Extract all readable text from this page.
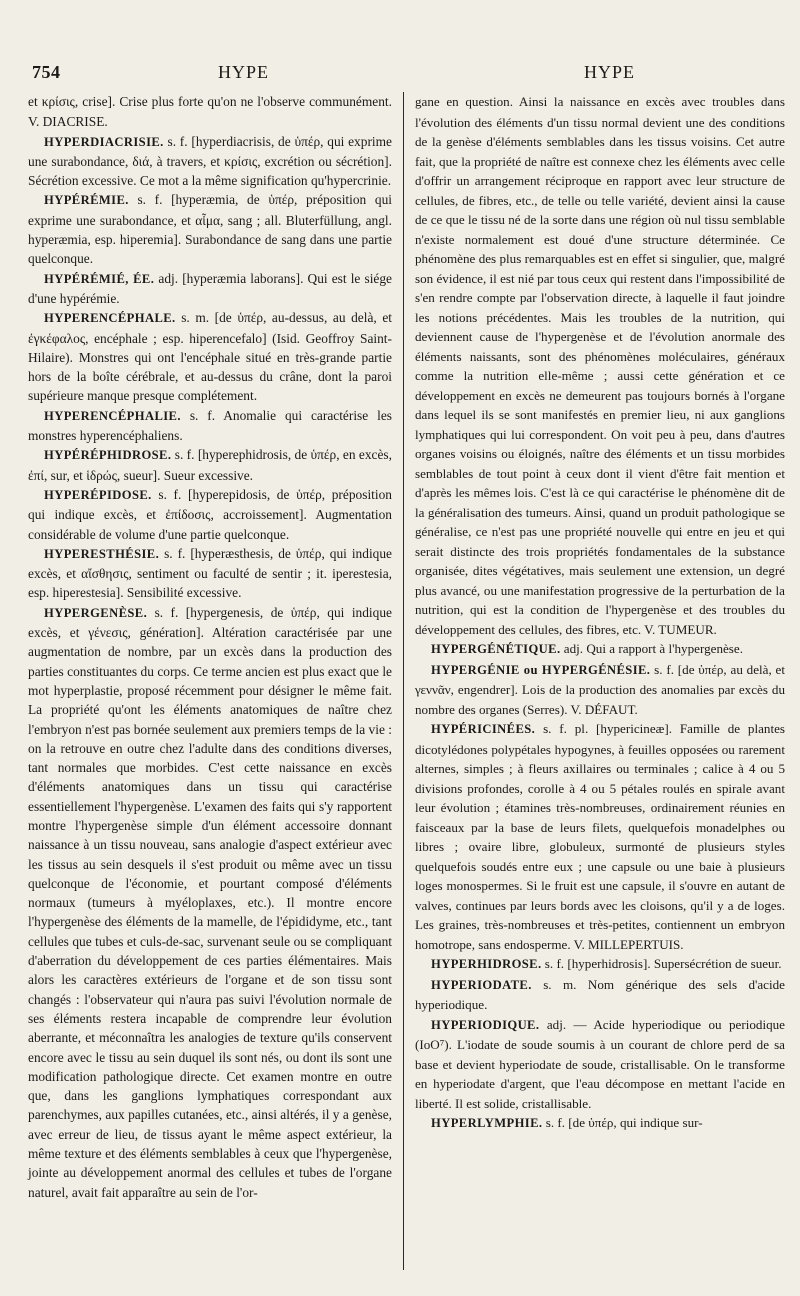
754	HYPE	HYPE

et κρίσις, crise]. Crise plus forte qu'on ne l'observe communément. V. DIACRISE.

HYPERDIACRISIE. s. f. [hyperdiacrisis, de ὑπέρ, qui exprime une surabondance, διά, à travers, et κρίσις, excrétion ou sécrétion]. Sécrétion excessive. Ce mot a la même signification qu'hypercrinie.

HYPÉRÉMIE. s. f. [hyperæmia, de ὑπέρ, préposition qui exprime une surabondance, et αἷμα, sang ; all. Bluterfüllung, angl. hyperæmia, esp. hiperemia]. Surabondance de sang dans une partie quelconque.

HYPÉRÉMIÉ, ÉE. adj. [hyperæmia laborans]. Qui est le siége d'une hypérémie.

HYPERENCÉPHALE. s. m. [de ὑπέρ, au-dessus, au delà, et ἐγκέφαλος, encéphale ; esp. hiperencefalo] (Isid. Geoffroy Saint-Hilaire). Monstres qui ont l'encéphale situé en très-grande partie hors de la boîte cérébrale, et au-dessus du crâne, dont la paroi supérieure manque presque complétement.

HYPERENCÉPHALIE. s. f. Anomalie qui caractérise les monstres hyperencéphaliens.

HYPÉRÉPHIDROSE. s. f. [hyperephidrosis, de ὑπέρ, en excès, ἐπί, sur, et ἱδρώς, sueur]. Sueur excessive.

HYPERÉPIDOSE. s. f. [hyperepidosis, de ὑπέρ, préposition qui indique excès, et ἐπίδοσις, accroissement]. Augmentation considérable de volume d'une partie quelconque.

HYPERESTHÉSIE. s. f. [hyperæsthesis, de ὑπέρ, qui indique excès, et αἴσθησις, sentiment ou faculté de sentir ; it. iperestesia, esp. hiperestesia]. Sensibilité excessive.

HYPERGENÈSE. s. f. [hypergenesis, de ὑπέρ, qui indique excès, et γένεσις, génération]. Altération caractérisée par une augmentation de nombre, par un excès dans la production des parties constituantes du corps. Ce terme ancien est plus exact que le mot hyperplastie, proposé récemment pour désigner le même fait. La propriété qu'ont les éléments anatomiques de naître chez l'embryon n'est pas bornée seulement aux premiers temps de la vie : on la retrouve en outre chez l'adulte dans des conditions diverses, tant normales que morbides. C'est cette naissance en excès d'éléments anatomiques dans un tissu qui caractérise essentiellement l'hypergenèse. L'examen des faits qui s'y rapportent montre l'hypergenèse simple d'un élément accessoire donnant naissance à un tissu nouveau, sans analogie d'aspect extérieur avec les tissus au sein desquels il s'est produit ou même avec un tissu quelconque de l'économie, et pourtant composé d'éléments normaux (tumeurs à myéloplaxes, etc.). Il montre encore l'hypergenèse des éléments de la mamelle, de l'épididyme, etc., tant cellules que tubes et culs-de-sac, survenant seule ou se compliquant d'aberration du développement de ces parties élémentaires. Mais alors les caractères extérieurs de l'organe et de son tissu sont changés : l'observateur qui n'aura pas suivi l'évolution normale de ses éléments restera incapable de comprendre leur évolution aberrante, et méconnaîtra les analogies de texture qu'ils conservent encore avec le tissu au sein duquel ils sont nés, ou dont ils sont une modification pathologique directe. Cet examen montre en outre que, dans les ganglions lymphatiques correspondant aux parenchymes, aux papilles cutanées, etc., ainsi altérés, il y a genèse, avec erreur de lieu, de tissus ayant le même aspect extérieur, la même texture et des éléments semblables à ceux que l'hypergenèse, jointe au développement anormal des cellules et tubes de l'organe naturel, avait fait apparaître au sein de l'or-

gane en question. Ainsi la naissance en excès avec troubles dans l'évolution des éléments d'un tissu normal devient une des conditions de la genèse d'éléments semblables dans les tissus voisins. Cet autre fait, que la propriété de naître est connexe chez les éléments avec celle d'offrir un arrangement réciproque en rapport avec leur structure de cellules, de fibres, etc., de telle ou telle variété, devient ainsi la cause de ce que le tissu né de la sorte dans une région où nul tissu semblable n'existe normalement est doué d'une structure déterminée. Ce phénomène des plus remarquables est en effet si singulier, que, malgré son évidence, il est nié par tous ceux qui restent dans l'impossibilité de s'en rendre compte par l'observation directe, à laquelle il faut joindre les notions précédentes. Mais les troubles de la nutrition, qui deviennent cause de l'hypergenèse et de l'évolution anormale des éléments naissants, sont des phénomènes moléculaires, généraux comme la nutrition elle-même ; aussi cette génération et ce développement en excès ne demeurent pas toujours bornés à l'organe dans lequel ils se sont manifestés en premier lieu, ni aux ganglions lymphatiques qui lui correspondent. On voit peu à peu, dans d'autres organes voisins ou éloignés, naître des éléments et un tissu morbides semblables de tout point à ceux dont il vient d'être fait mention et d'après les mêmes lois. C'est là ce qui caractérise le phénomène dit de la généralisation des tumeurs. Ainsi, quand un produit pathologique se généralise, ce n'est pas une propriété nouvelle qui entre en jeu et qui serait distincte des trois propriétés fondamentales de la substance organisée, dites végétatives, mais seulement une extension, un degré plus avancé, ou une manifestation progressive de la perturbation de la nutrition, qui est la condition de l'hypergenèse et des troubles du développement des cellules, des fibres, etc. V. TUMEUR.

HYPERGÉNÉTIQUE. adj. Qui a rapport à l'hypergenèse.

HYPERGÉNIE ou HYPERGÉNÉSIE. s. f. [de ὑπέρ, au delà, et γεννᾶν, engendrer]. Lois de la production des anomalies par excès du nombre des organes (Serres). V. DÉFAUT.

HYPÉRICINÉES. s. f. pl. [hypericineæ]. Famille de plantes dicotylédones polypétales hypogynes, à feuilles opposées ou rarement alternes, simples ; à fleurs axillaires ou terminales ; calice à 4 ou 5 divisions profondes, corolle à 4 ou 5 pétales roulés en spirale avant leur évolution ; étamines très-nombreuses, ordinairement réunies en faisceaux par la base de leurs filets, quelquefois monadelphes ou libres ; ovaire libre, globuleux, surmonté de plusieurs styles quelquefois soudés entre eux ; une capsule ou une baie à plusieurs loges monospermes. Si le fruit est une capsule, il s'ouvre en autant de valves, continues par leurs bords avec les cloisons, qu'il y a de loges. Les graines, très-nombreuses et très-petites, contiennent un embryon homotrope, sans endosperme. V. MILLEPERTUIS.

HYPERHIDROSE. s. f. [hyperhidrosis]. Supersécrétion de sueur.

HYPERIODATE. s. m. Nom générique des sels d'acide hyperiodique.

HYPERIODIQUE. adj. — Acide hyperiodique ou periodique (IoO⁷). L'iodate de soude soumis à un courant de chlore perd de sa base et devient hyperiodate de soude, cristallisable. On le transforme en hyperiodate d'argent, que l'eau décompose en mettant l'acide en liberté. Il est solide, cristallisable.

HYPERLYMPHIE. s. f. [de ὑπέρ, qui indique sur-
